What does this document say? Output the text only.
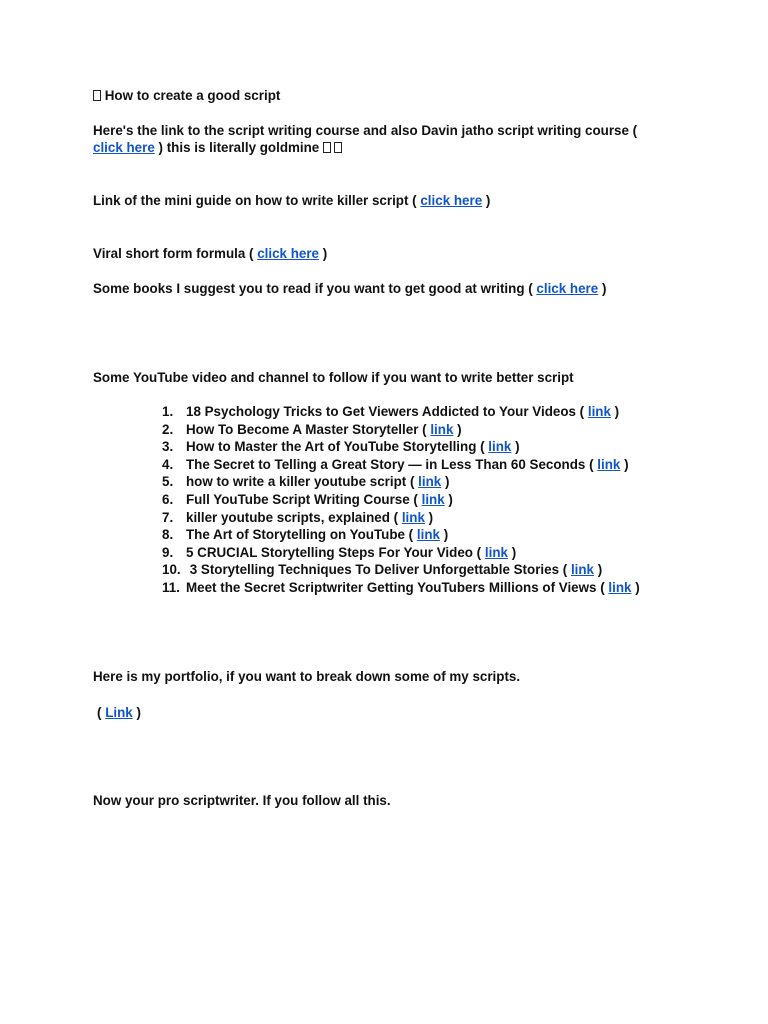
How to create a good script
Here's the link to the script writing course and also Davin jatho script writing course (
click here ) this is literally goldmine
Link of the mini guide on how to write killer script ( click here )
Viral short form formula ( click here )
Some books I suggest you to read if you want to get good at writing ( click here )
Some YouTube video and channel to follow if you want to write better script
1. 18 Psychology Tricks to Get Viewers Addicted to Your Videos ( link )
2. How To Become A Master Storyteller ( link )
3. How to Master the Art of YouTube Storytelling ( link )
4. The Secret to Telling a Great Story — in Less Than 60 Seconds ( link )
5. how to write a killer youtube script ( link )
6. Full YouTube Script Writing Course ( link )
7. killer youtube scripts, explained ( link )
8. The Art of Storytelling on YouTube ( link )
9. 5 CRUCIAL Storytelling Steps For Your Video ( link )
10. 3 Storytelling Techniques To Deliver Unforgettable Stories ( link )
11. Meet the Secret Scriptwriter Getting YouTubers Millions of Views ( link )
Here is my portfolio, if you want to break down some of my scripts.
( Link )
Now your pro scriptwriter. If you follow all this.
